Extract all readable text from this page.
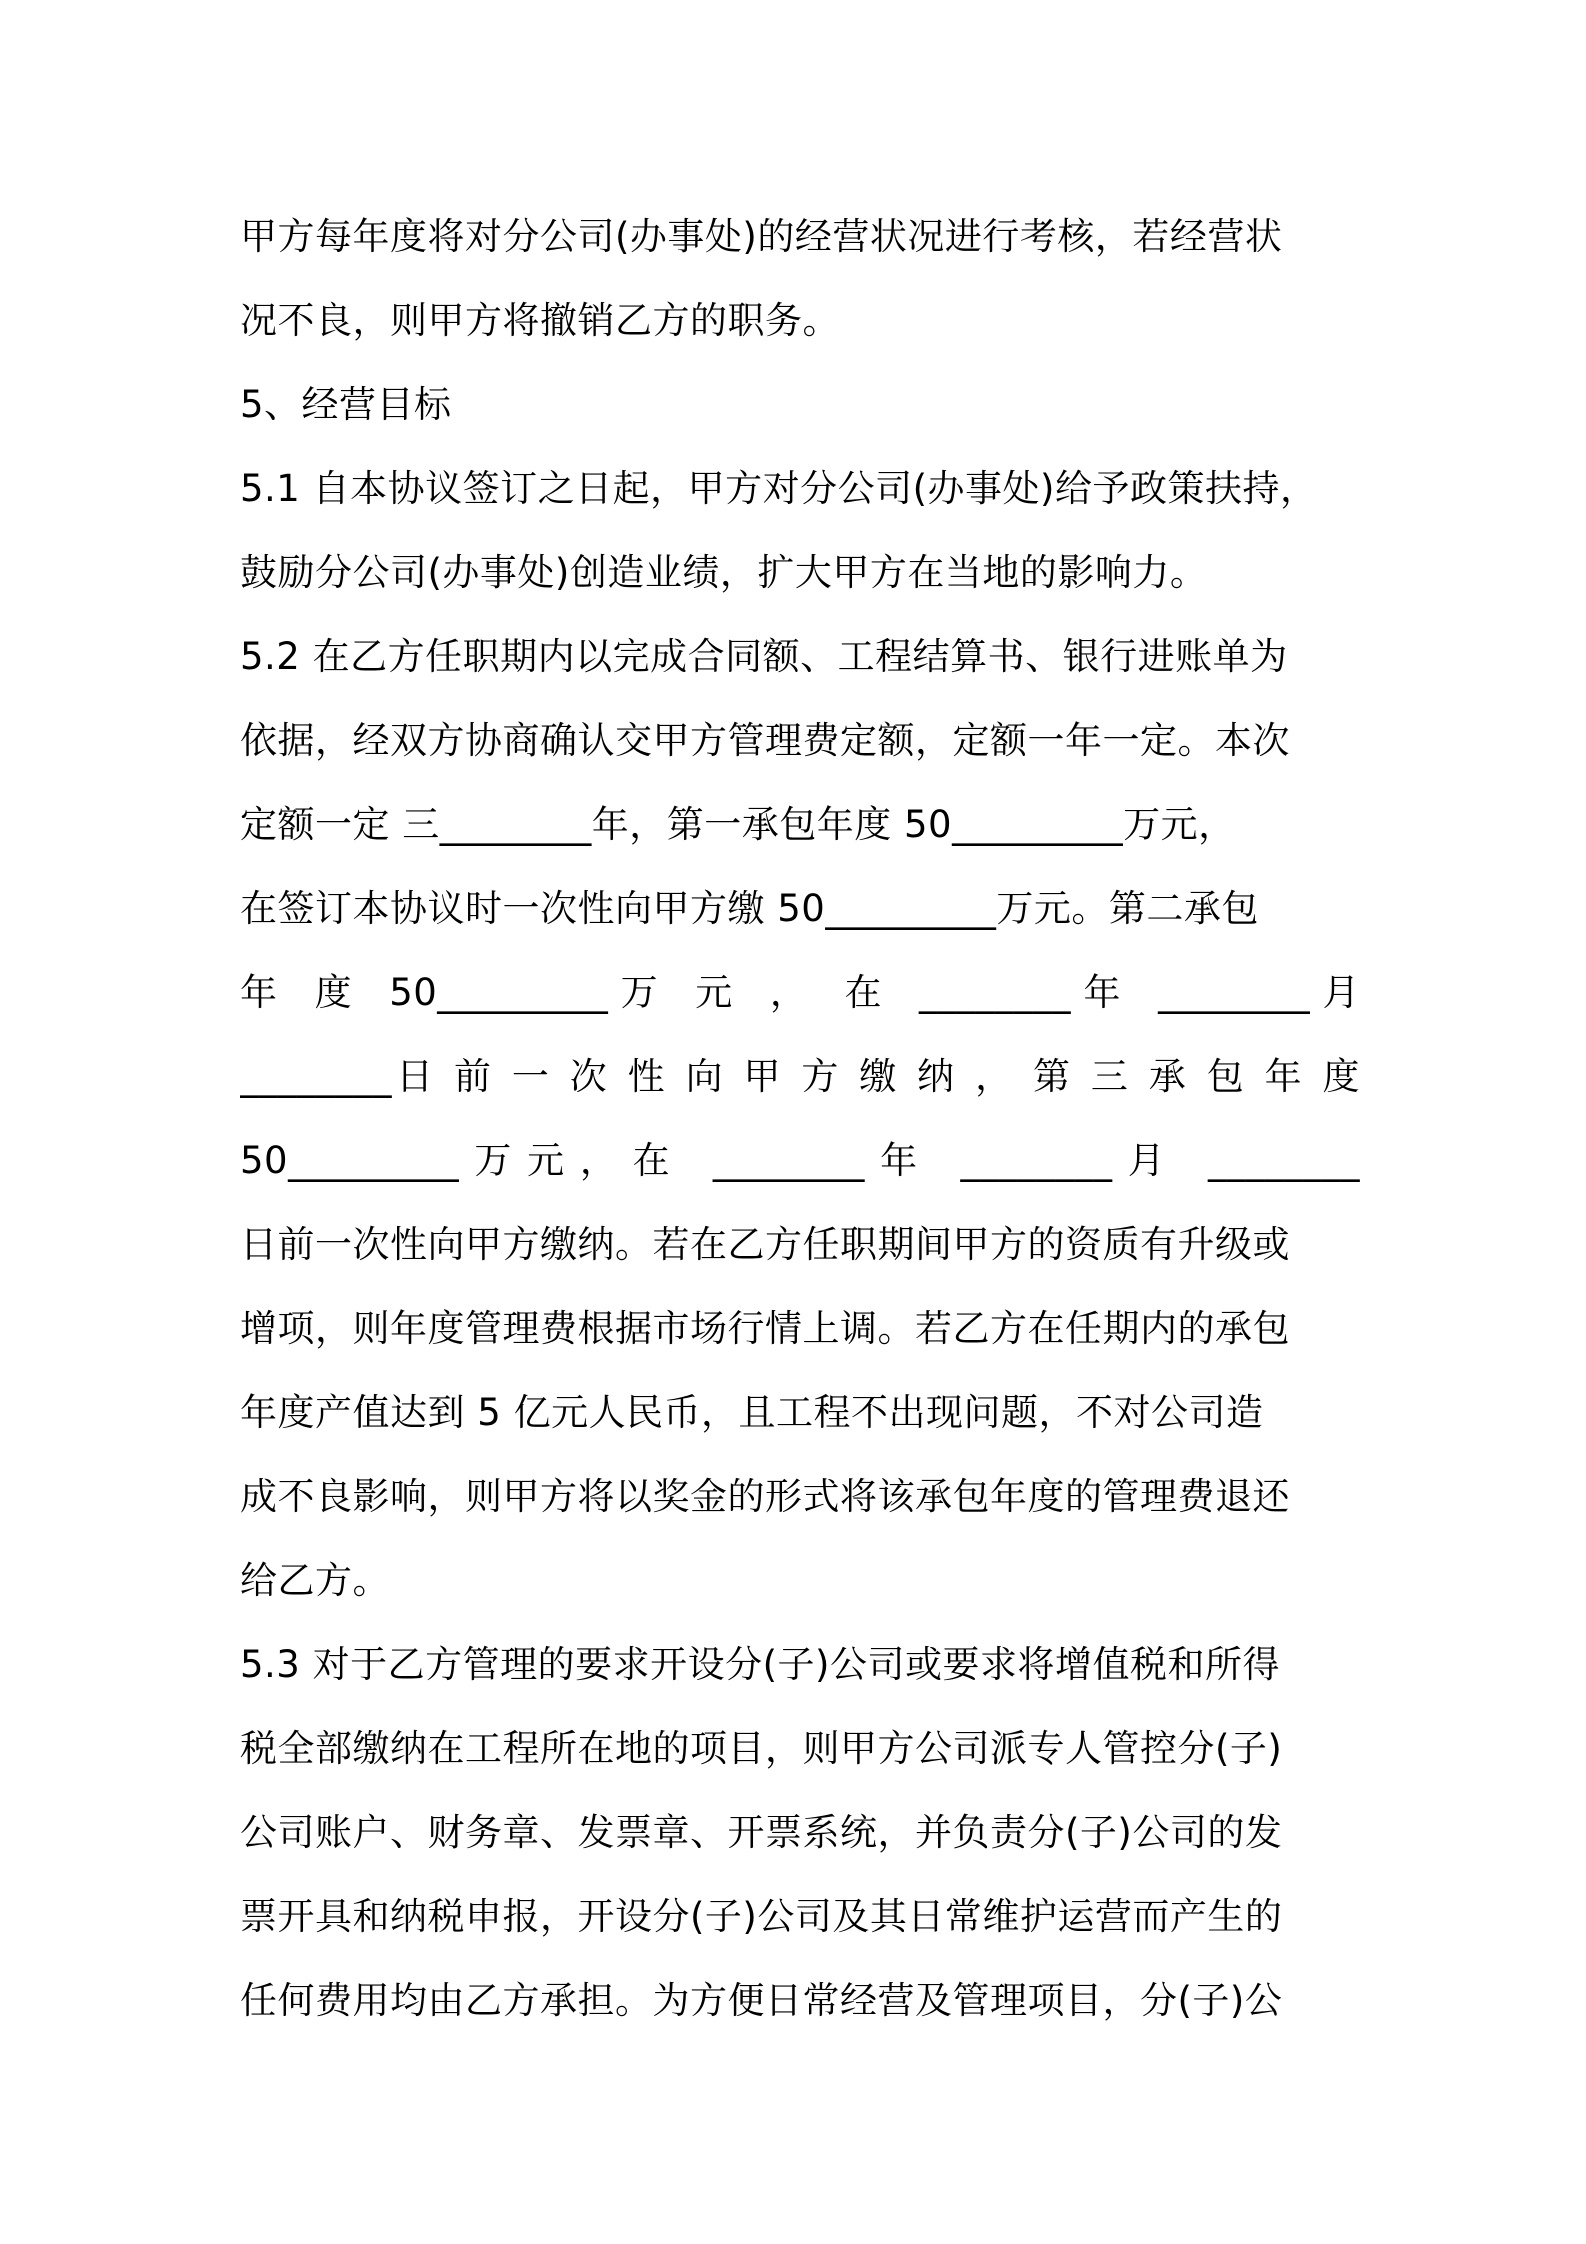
甲方每年度将对分公司(办事处)的经营状况进行考核，若经营状
况不良，则甲方将撤销乙方的职务。
5、经营目标
5.1 自本协议签订之日起，甲方对分公司(办事处)给予政策扶持，
鼓励分公司(办事处)创造业绩，扩大甲方在当地的影响力。
5.2 在乙方任职期内以完成合同额、工程结算书、银行进账单为
依据，经双方协商确认交甲方管理费定额，定额一年一定。本次
定额一定 三________年，第一承包年度 50_________万元，
在签订本协议时一次性向甲方缴 50_________万元。第二承包
年 度 50_________万 元 ， 在 ________年 ________月
________日 前 一 次 性 向 甲 方 缴 纳 ， 第 三 承 包 年 度
50_________万元，在 ________年 ________月 ________
日前一次性向甲方缴纳。若在乙方任职期间甲方的资质有升级或
增项，则年度管理费根据市场行情上调。若乙方在任期内的承包
年度产值达到 5 亿元人民币，且工程不出现问题，不对公司造
成不良影响，则甲方将以奖金的形式将该承包年度的管理费退还
给乙方。
5.3 对于乙方管理的要求开设分(子)公司或要求将增值税和所得
税全部缴纳在工程所在地的项目，则甲方公司派专人管控分(子)
公司账户、财务章、发票章、开票系统，并负责分(子)公司的发
票开具和纳税申报，开设分(子)公司及其日常维护运营而产生的
任何费用均由乙方承担。为方便日常经营及管理项目，分(子)公
